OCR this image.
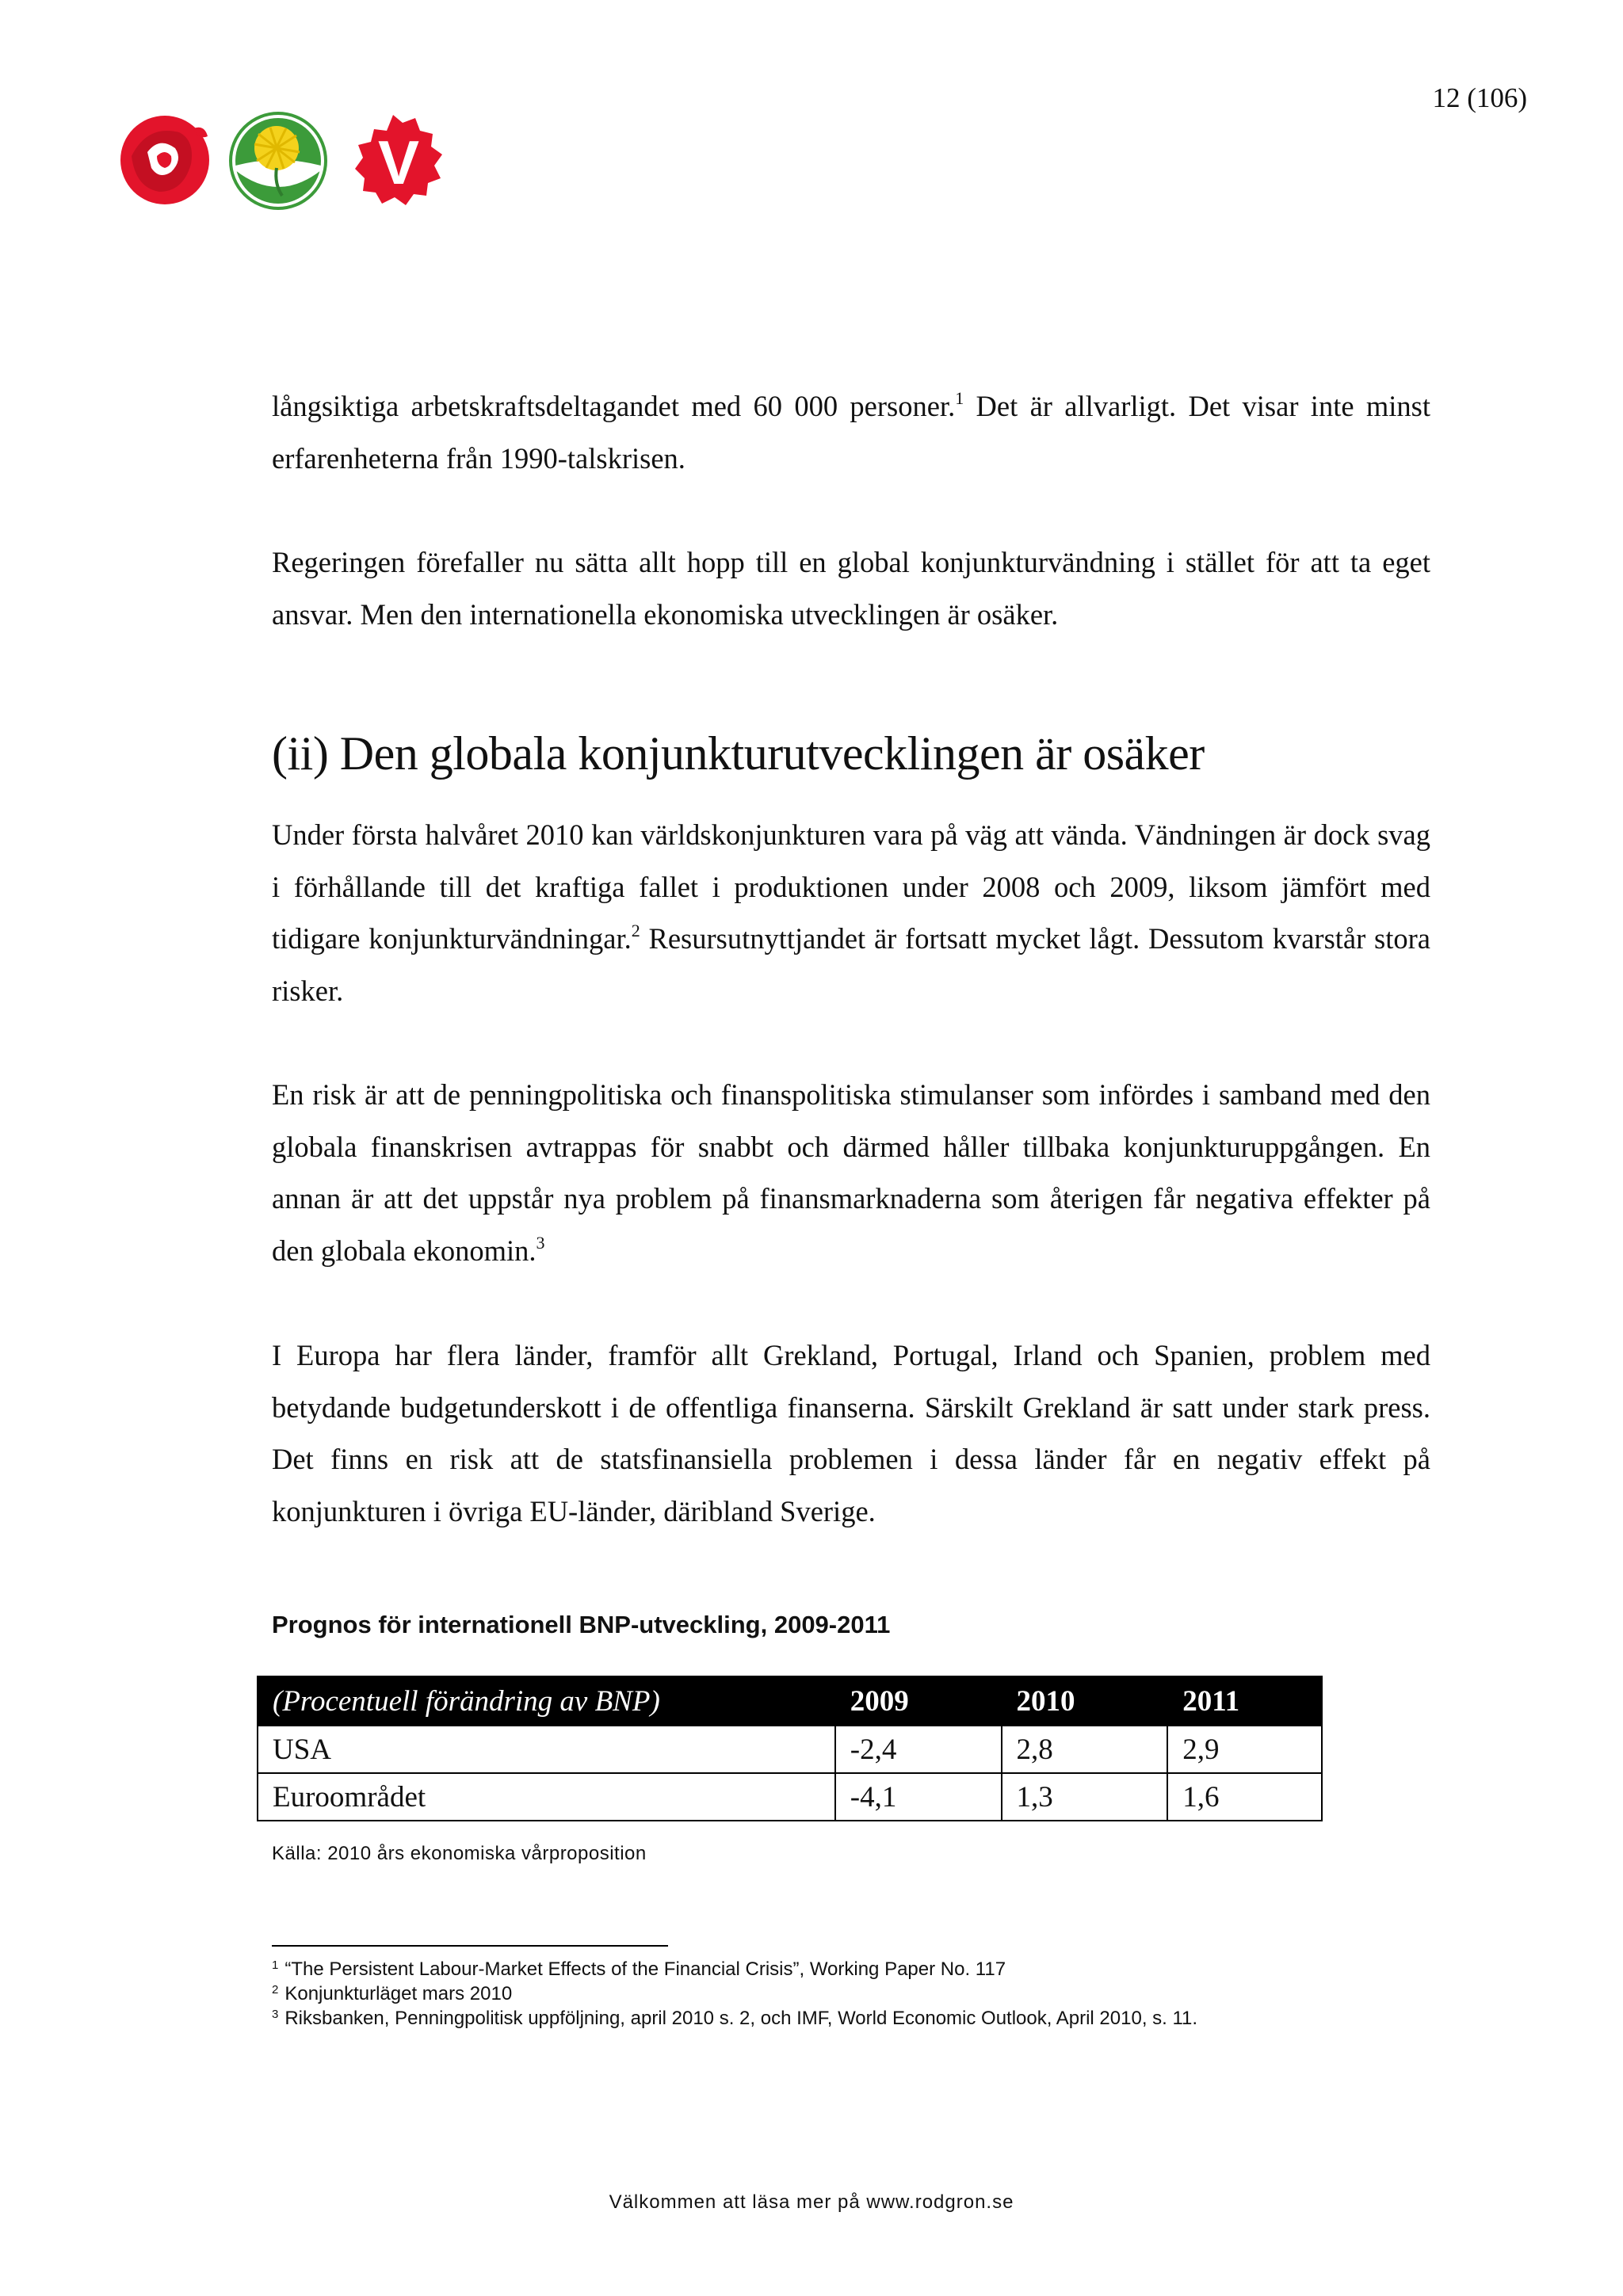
12 (106)
V
långsiktiga arbetskraftsdeltagandet med 60 000 personer.$^1$ Det är allvarligt. Det visar inte minst erfarenheterna från 1990-talskrisen.
Regeringen förefaller nu sätta allt hopp till en global konjunkturvändning i stället för att ta eget ansvar. Men den internationella ekonomiska utvecklingen är osäker.
(ii) Den globala konjunkturutvecklingen är osäker
Under första halvåret 2010 kan världskonjunkturen vara på väg att vända. Vändningen är dock svag i förhållande till det kraftiga fallet i produktionen under 2008 och 2009, liksom jämfört med tidigare konjunkturvändningar.$^2$ Resursutnyttjandet är fortsatt mycket lågt. Dessutom kvarstår stora risker.
En risk är att de penningpolitiska och finanspolitiska stimulanser som infördes i samband med den globala finanskrisen avtrappas för snabbt och därmed håller tillbaka konjunkturuppgången. En annan är att det uppstår nya problem på finansmarknaderna som återigen får negativa effekter på den globala ekonomin.$^3$
I Europa har flera länder, framför allt Grekland, Portugal, Irland och Spanien, problem med betydande budgetunderskott i de offentliga finanserna. Särskilt Grekland är satt under stark press. Det finns en risk att de statsfinansiella problemen i dessa länder får en negativ effekt på konjunkturen i övriga EU-länder, däribland Sverige.
Prognos för internationell BNP-utveckling, 2009-2011
(Procentuell förändring av BNP)	2009	2010	2011
USA	-2,4	2,8	2,9
Euroområdet	-4,1	1,3	1,6
Källa: 2010 års ekonomiska vårproposition
$^1$ “The Persistent Labour-Market Effects of the Financial Crisis”, Working Paper No. 117
$^2$ Konjunkturläget mars 2010
$^3$ Riksbanken, Penningpolitisk uppföljning, april 2010 s. 2, och IMF, World Economic Outlook, April 2010, s. 11.
Välkommen att läsa mer på www.rodgron.se
